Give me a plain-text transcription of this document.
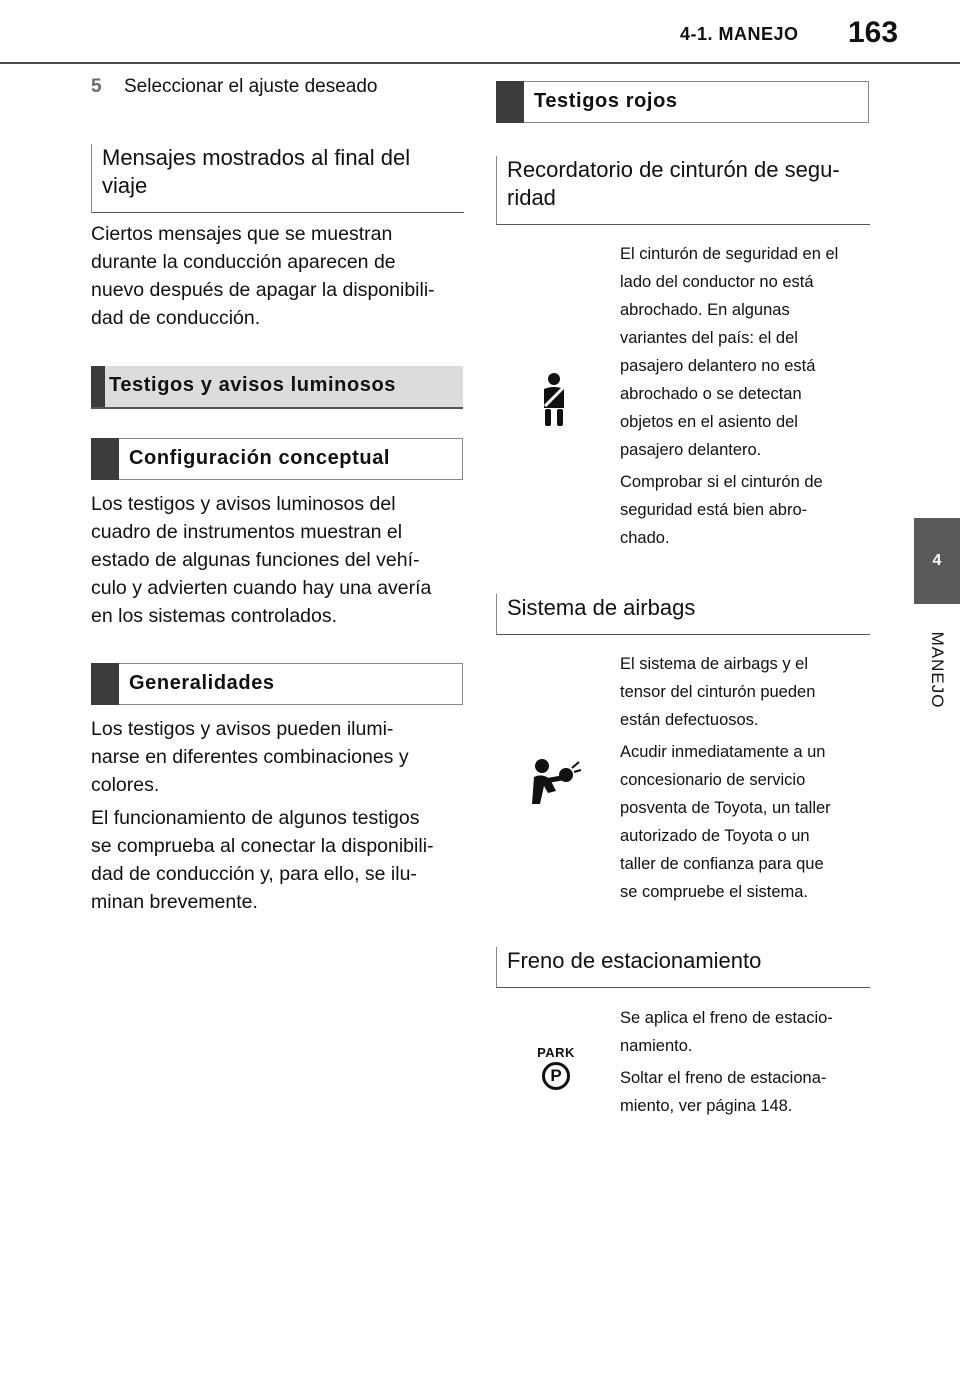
4-1. MANEJO 163
4
MANEJO
5 Seleccionar el ajuste deseado
Mensajes mostrados al final del
viaje
Ciertos mensajes que se muestran
durante la conducción aparecen de
nuevo después de apagar la disponibili-
dad de conducción.
Testigos y avisos luminosos
Configuración conceptual
Los testigos y avisos luminosos del
cuadro de instrumentos muestran el
estado de algunas funciones del vehí-
culo y advierten cuando hay una avería
en los sistemas controlados.
Generalidades
Los testigos y avisos pueden ilumi-
narse en diferentes combinaciones y
colores.
El funcionamiento de algunos testigos
se comprueba al conectar la disponibili-
dad de conducción y, para ello, se ilu-
minan brevemente.
Testigos rojos
Recordatorio de cinturón de segu-
ridad
El cinturón de seguridad en el
lado del conductor no está
abrochado. En algunas
variantes del país: el del
pasajero delantero no está
abrochado o se detectan
objetos en el asiento del
pasajero delantero.
Comprobar si el cinturón de
seguridad está bien abro-
chado.
Sistema de airbags
El sistema de airbags y el
tensor del cinturón pueden
están defectuosos.
Acudir inmediatamente a un
concesionario de servicio
posventa de Toyota, un taller
autorizado de Toyota o un
taller de confianza para que
se compruebe el sistema.
Freno de estacionamiento
PARK
P
Se aplica el freno de estacio-
namiento.
Soltar el freno de estaciona-
miento, ver página 148.
